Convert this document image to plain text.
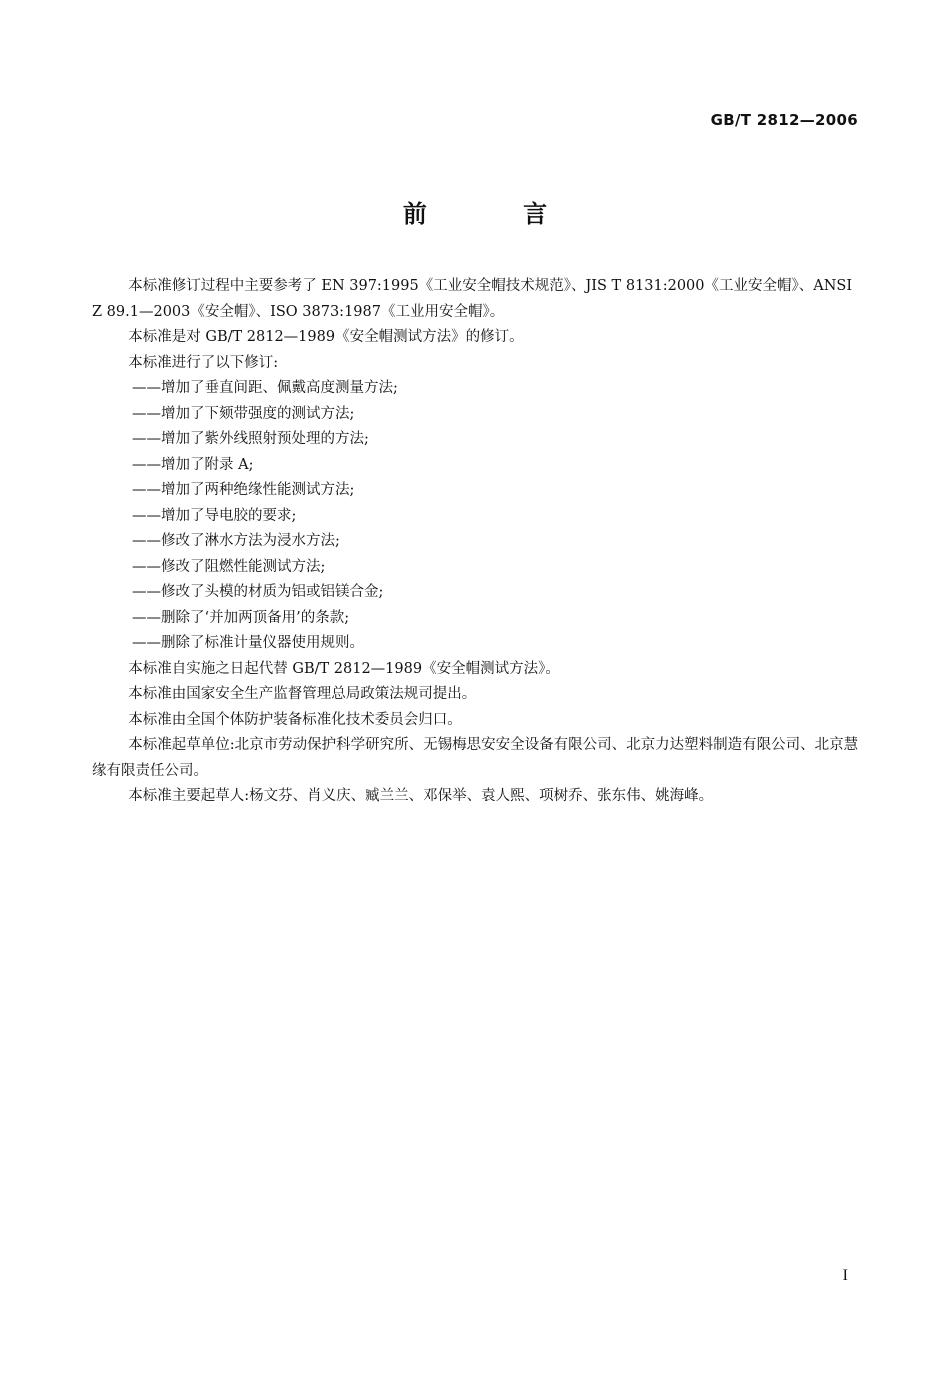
GB/T 2812—2006
前 言

本标准修订过程中主要参考了 EN 397:1995《工业安全帽技术规范》、JIS T 8131:2000《工业安全帽》、ANSI Z 89.1—2003《安全帽》、ISO 3873:1987《工业用安全帽》。

本标准是对 GB/T 2812—1989《安全帽测试方法》的修订。

本标准进行了以下修订:

——增加了垂直间距、佩戴高度测量方法;

——增加了下颏带强度的测试方法;

——增加了紫外线照射预处理的方法;

——增加了附录 A;

——增加了两种绝缘性能测试方法;

——增加了导电胶的要求;

——修改了淋水方法为浸水方法;

——修改了阻燃性能测试方法;

——修改了头模的材质为铝或铝镁合金;

——删除了‘并加两顶备用’的条款;

——删除了标准计量仪器使用规则。

本标准自实施之日起代替 GB/T 2812—1989《安全帽测试方法》。

本标准由国家安全生产监督管理总局政策法规司提出。

本标准由全国个体防护装备标准化技术委员会归口。

本标准起草单位:北京市劳动保护科学研究所、无锡梅思安安全设备有限公司、北京力达塑料制造有限公司、北京慧缘有限责任公司。

本标准主要起草人:杨文芬、肖义庆、臧兰兰、邓保举、袁人熙、项树乔、张东伟、姚海峰。

I
